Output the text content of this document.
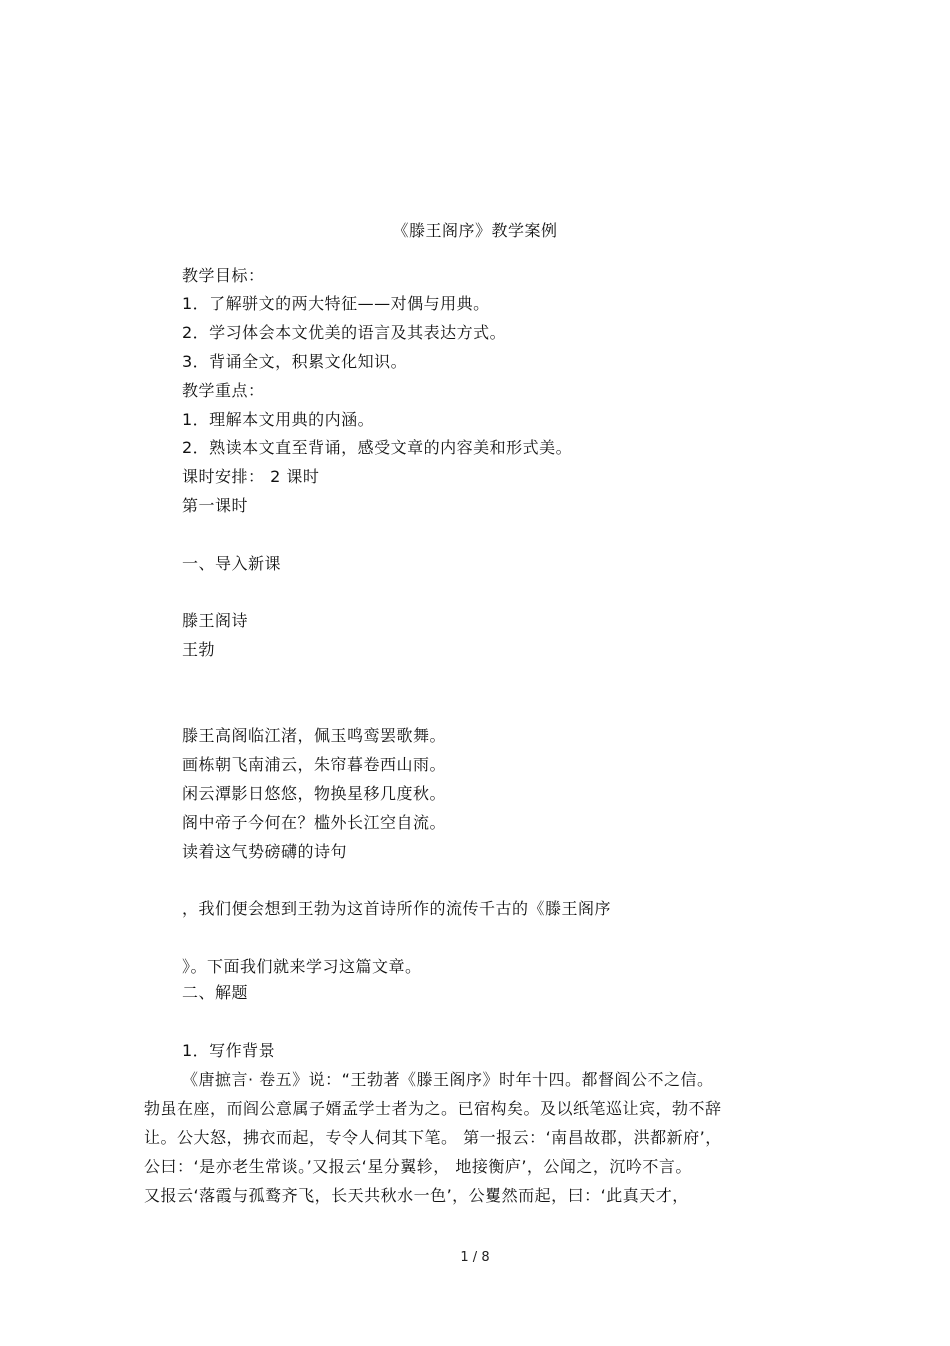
《滕王阁序》教学案例
教学目标：
1．了解骈文的两大特征——对偶与用典。
2．学习体会本文优美的语言及其表达方式。
3．背诵全文，积累文化知识。
教学重点：
1．理解本文用典的内涵。
2．熟读本文直至背诵，感受文章的内容美和形式美。
课时安排： 2 课时
第一课时
一、导入新课
滕王阁诗
王勃
滕王高阁临江渚，佩玉鸣鸾罢歌舞。
画栋朝飞南浦云，朱帘暮卷西山雨。
闲云潭影日悠悠，物换星移几度秋。
阁中帝子今何在？槛外长江空自流。
读着这气势磅礴的诗句
，我们便会想到王勃为这首诗所作的流传千古的《滕王阁序
》。下面我们就来学习这篇文章。
二、解题
1．写作背景
《唐摭言· 卷五》说：“王勃著《滕王阁序》时年十四。都督阎公不之信。
勃虽在座，而阎公意属子婿孟学士者为之。已宿构矣。及以纸笔巡让宾，勃不辞
让。公大怒，拂衣而起，专令人伺其下笔。 第一报云：‘南昌故郡，洪都新府’，
公曰：‘是亦老生常谈。’又报云‘星分翼轸， 地接衡庐’，公闻之，沉吟不言。
又报云‘落霞与孤鹜齐飞，长天共秋水一色’，公矍然而起，曰：‘此真天才，
1 / 8
